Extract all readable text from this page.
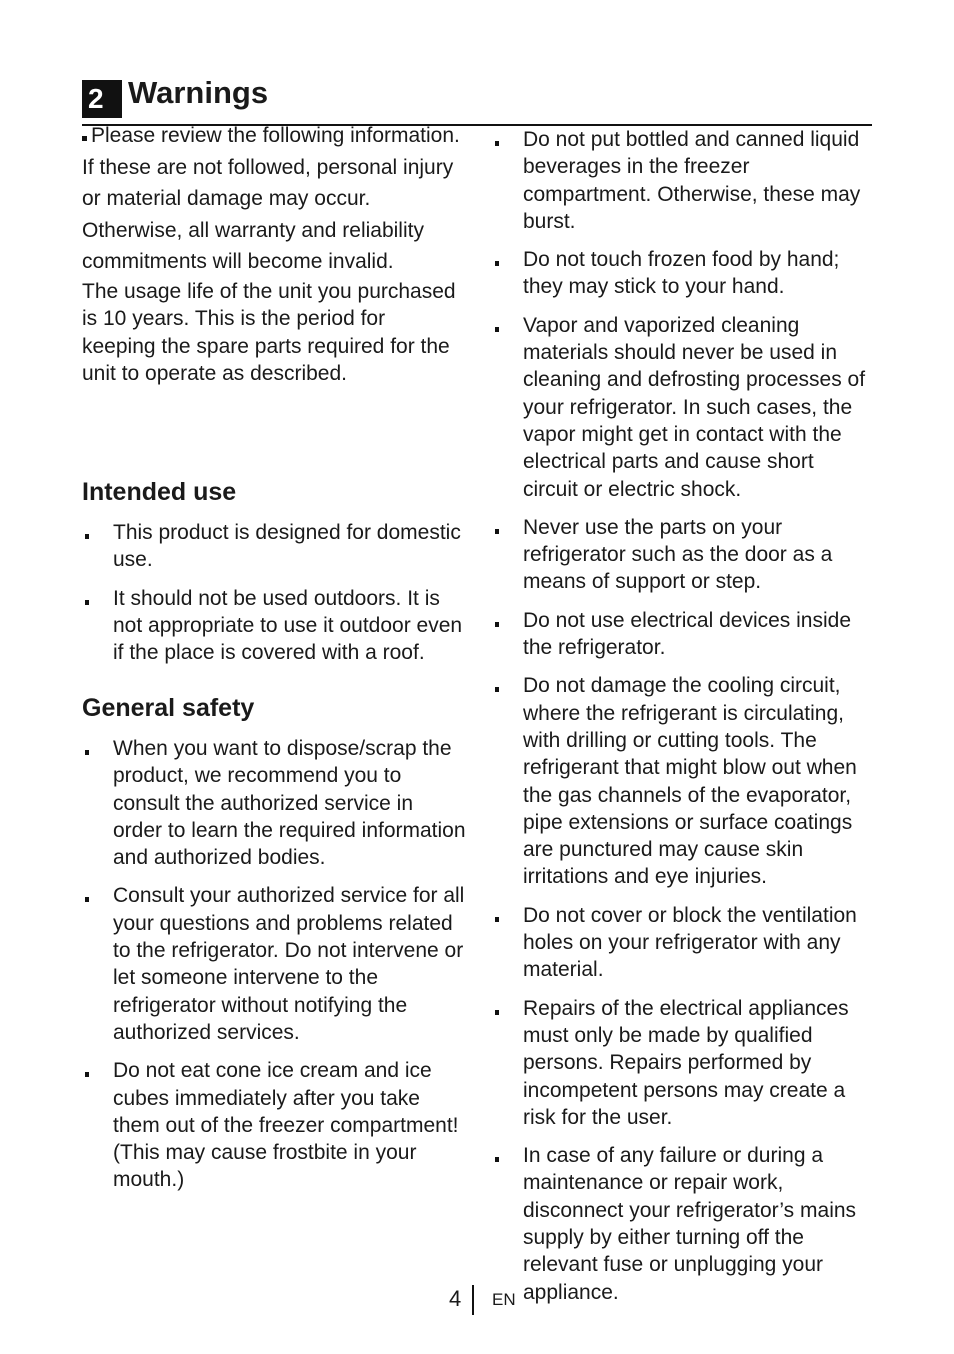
2 Warnings

Please review the following information. If these are not followed, personal injury or material damage may occur. Otherwise, all warranty and reliability commitments will become invalid.

The usage life of the unit you purchased is 10 years. This is the period for keeping the spare parts required for the unit to operate as described.

Intended use
This product is designed for domestic use.
It should not be used outdoors. It is not appropriate to use it outdoor even if the place is covered with a roof.
General safety
When you want to dispose/scrap the product, we recommend you to consult the authorized service in order to learn the required information and authorized bodies.
Consult your authorized service for all your questions and problems related to the refrigerator. Do not intervene or let someone intervene to the refrigerator without notifying the authorized services.
Do not eat cone ice cream and ice cubes immediately after you take them out of the freezer compartment! (This may cause frostbite in your mouth.)
Do not put bottled and canned liquid beverages in the freezer compartment. Otherwise, these may burst.
Do not touch frozen food by hand; they may stick to your hand.
Vapor and vaporized cleaning materials should never be used in cleaning and defrosting processes of your refrigerator. In such cases, the vapor might get in contact with the electrical parts and cause short circuit or electric shock.
Never use the parts on your refrigerator such as the door as a means of support or step.
Do not use electrical devices inside the refrigerator.
Do not damage the cooling circuit, where the refrigerant is circulating, with drilling or cutting tools. The refrigerant that might blow out when the gas channels of the evaporator, pipe extensions or surface coatings are punctured may cause skin irritations and eye injuries.
Do not cover or block the ventilation holes on your refrigerator with any material.
Repairs of the electrical appliances must only be made by qualified persons. Repairs performed by incompetent persons may create a risk for the user.
In case of any failure or during a maintenance or repair work, disconnect your refrigerator’s mains supply by either turning off the relevant fuse or unplugging your appliance.
4 EN
